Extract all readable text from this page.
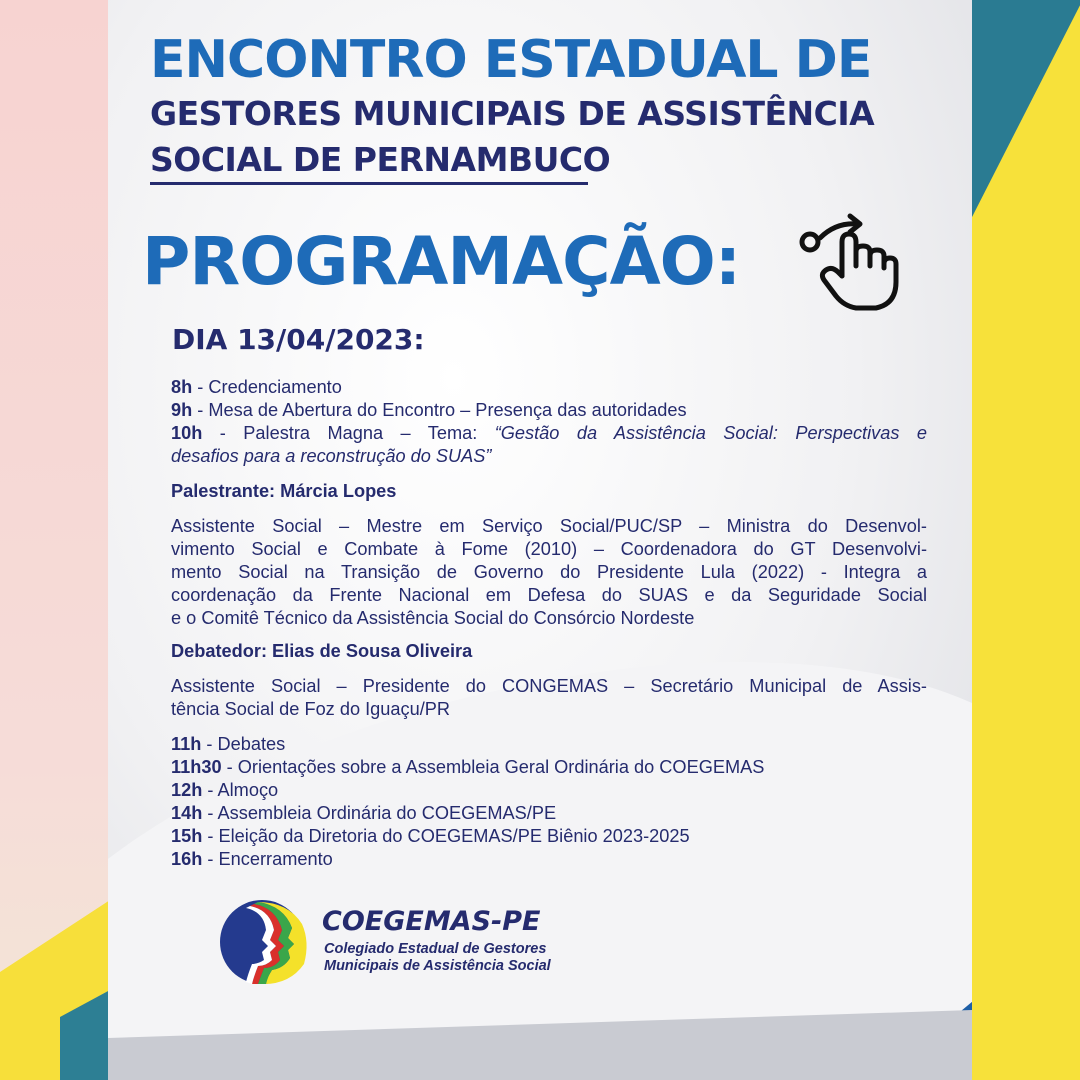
ENCONTRO ESTADUAL DE
GESTORES MUNICIPAIS DE ASSISTÊNCIA
SOCIAL DE PERNAMBUCO
PROGRAMAÇÃO:
DIA 13/04/2023:
8h - Credenciamento
9h - Mesa de Abertura do Encontro – Presença das autoridades
10h - Palestra Magna – Tema: “Gestão da Assistência Social: Perspectivas e
desafios para a reconstrução do SUAS”
Palestrante: Márcia Lopes
Assistente Social – Mestre em Serviço Social/PUC/SP – Ministra do Desenvol-
vimento Social e Combate à Fome (2010) – Coordenadora do GT Desenvolvi-
mento Social na Transição de Governo do Presidente Lula (2022) - Integra a
coordenação da Frente Nacional em Defesa do SUAS e da Seguridade Social
e o Comitê Técnico da Assistência Social do Consórcio Nordeste
Debatedor: Elias de Sousa Oliveira
Assistente Social – Presidente do CONGEMAS – Secretário Municipal de Assis-
tência Social de Foz do Iguaçu/PR
11h - Debates
11h30 - Orientações sobre a Assembleia Geral Ordinária do COEGEMAS
12h - Almoço
14h - Assembleia Ordinária do COEGEMAS/PE
15h - Eleição da Diretoria do COEGEMAS/PE Biênio 2023-2025
16h - Encerramento
COEGEMAS-PE
Colegiado Estadual de Gestores
Municipais de Assistência Social
